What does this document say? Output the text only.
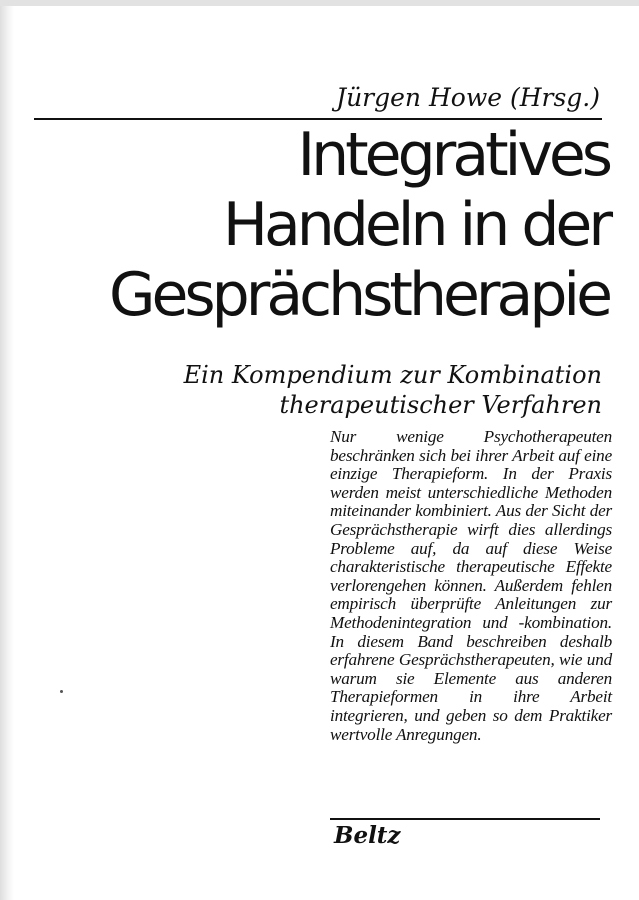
Jürgen Howe (Hrsg.)
Integratives
Handeln in der
Gesprächstherapie
Ein Kompendium zur Kombination
therapeutischer Verfahren

Nur wenige Psychotherapeuten beschränken sich bei ihrer Arbeit auf eine einzige Therapieform. In der Praxis werden meist unterschiedliche Methoden miteinander kombiniert. Aus der Sicht der Gesprächstherapie wirft dies allerdings Probleme auf, da auf diese Weise charakteristische therapeutische Effekte verlorengehen können. Außerdem fehlen empirisch überprüfte Anleitungen zur Methodenintegration und -kombination. In diesem Band beschreiben deshalb erfahrene Gesprächstherapeuten, wie und warum sie Elemente aus anderen Therapieformen in ihre Arbeit integrieren, und geben so dem Praktiker wertvolle Anregungen.

Beltz
